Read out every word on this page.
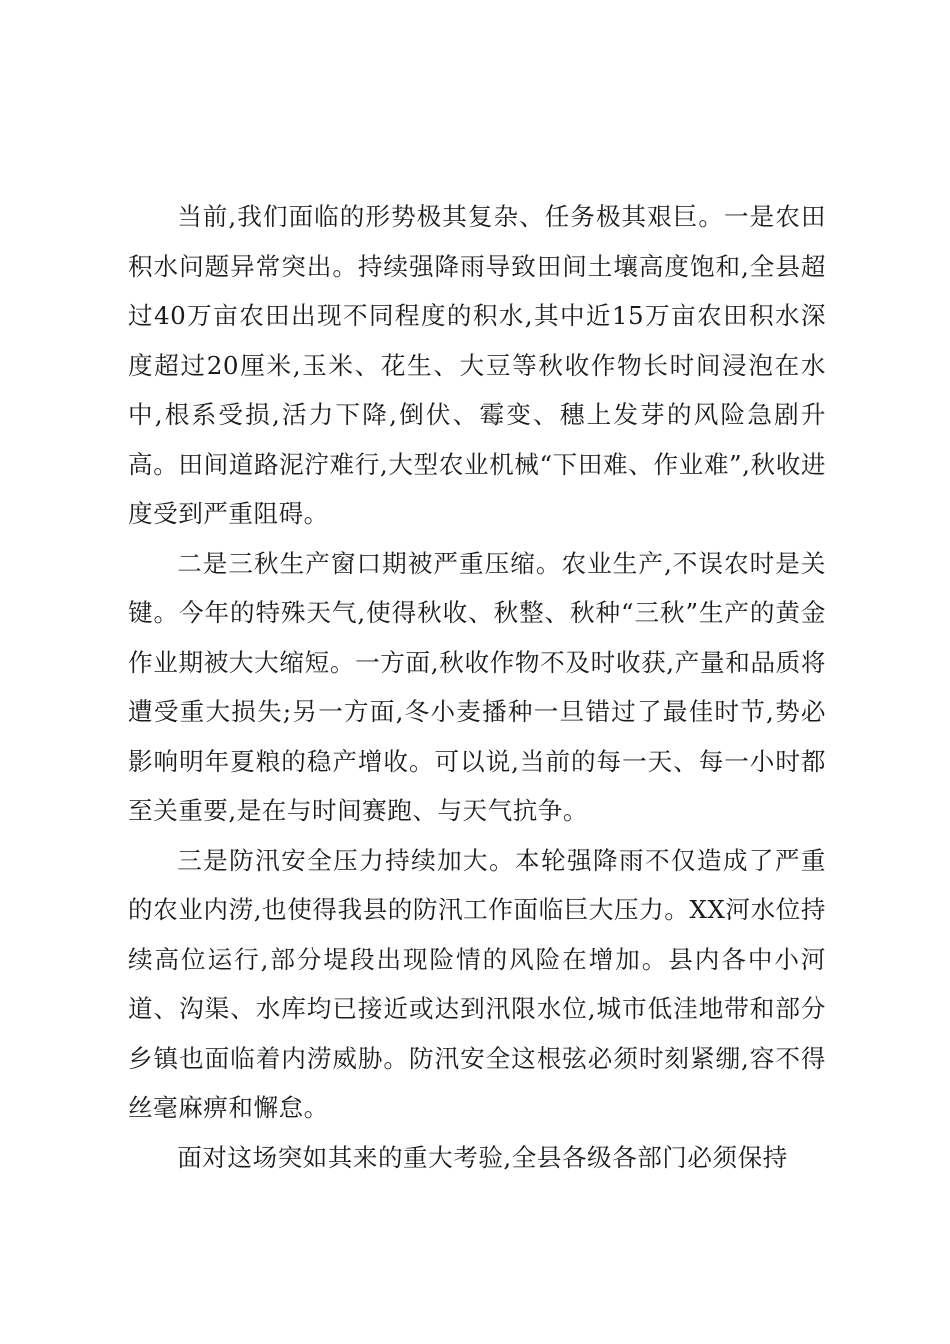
当前,我们面临的形势极其复杂、任务极其艰巨。一是农田积水问题异常突出。持续强降雨导致田间土壤高度饱和,全县超过40万亩农田出现不同程度的积水,其中近15万亩农田积水深度超过20厘米,玉米、花生、大豆等秋收作物长时间浸泡在水中,根系受损,活力下降,倒伏、霉变、穗上发芽的风险急剧升高。田间道路泥泞难行,大型农业机械“下田难、作业难”,秋收进度受到严重阻碍。

二是三秋生产窗口期被严重压缩。农业生产,不误农时是关键。今年的特殊天气,使得秋收、秋整、秋种“三秋”生产的黄金作业期被大大缩短。一方面,秋收作物不及时收获,产量和品质将遭受重大损失;另一方面,冬小麦播种一旦错过了最佳时节,势必影响明年夏粮的稳产增收。可以说,当前的每一天、每一小时都至关重要,是在与时间赛跑、与天气抗争。

三是防汛安全压力持续加大。本轮强降雨不仅造成了严重的农业内涝,也使得我县的防汛工作面临巨大压力。XX河水位持续高位运行,部分堤段出现险情的风险在增加。县内各中小河道、沟渠、水库均已接近或达到汛限水位,城市低洼地带和部分乡镇也面临着内涝威胁。防汛安全这根弦必须时刻紧绷,容不得丝毫麻痹和懈怠。

面对这场突如其来的重大考验,全县各级各部门必须保持
